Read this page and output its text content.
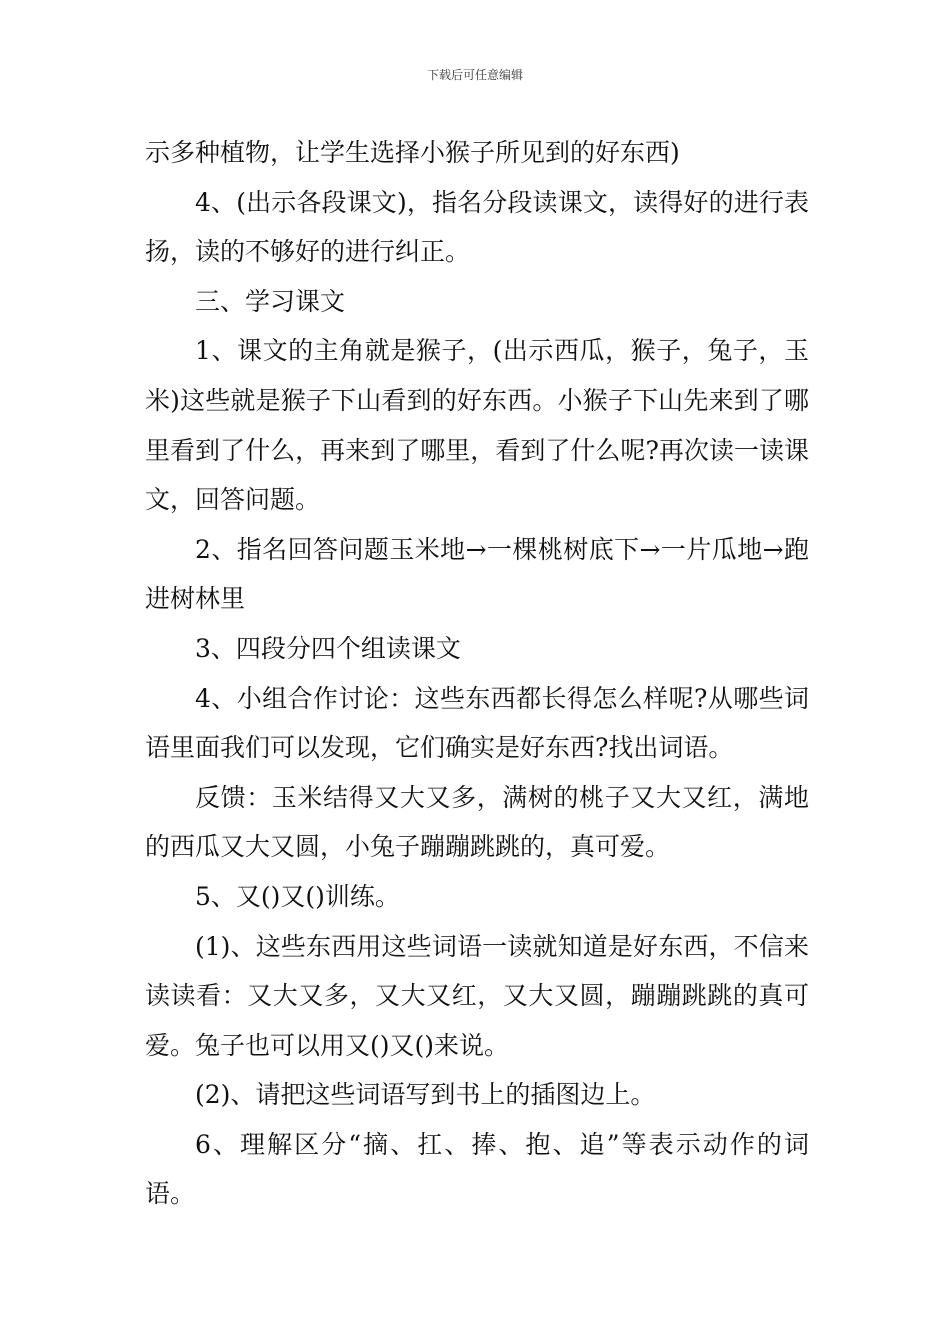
下载后可任意编辑

示多种植物，让学生选择小猴子所见到的好东西)

4、(出示各段课文)，指名分段读课文，读得好的进行表扬，读的不够好的进行纠正。

三、学习课文

1、课文的主角就是猴子，(出示西瓜，猴子，兔子，玉米)这些就是猴子下山看到的好东西。小猴子下山先来到了哪里看到了什么，再来到了哪里，看到了什么呢?再次读一读课文，回答问题。

2、指名回答问题玉米地→一棵桃树底下→一片瓜地→跑进树林里

3、四段分四个组读课文

4、小组合作讨论：这些东西都长得怎么样呢?从哪些词语里面我们可以发现，它们确实是好东西?找出词语。

反馈：玉米结得又大又多，满树的桃子又大又红，满地的西瓜又大又圆，小兔子蹦蹦跳跳的，真可爱。

5、又()又()训练。

(1)、这些东西用这些词语一读就知道是好东西，不信来读读看：又大又多，又大又红，又大又圆，蹦蹦跳跳的真可爱。兔子也可以用又()又()来说。

(2)、请把这些词语写到书上的插图边上。

6、理解区分“摘、扛、捧、抱、追”等表示动作的词语。
